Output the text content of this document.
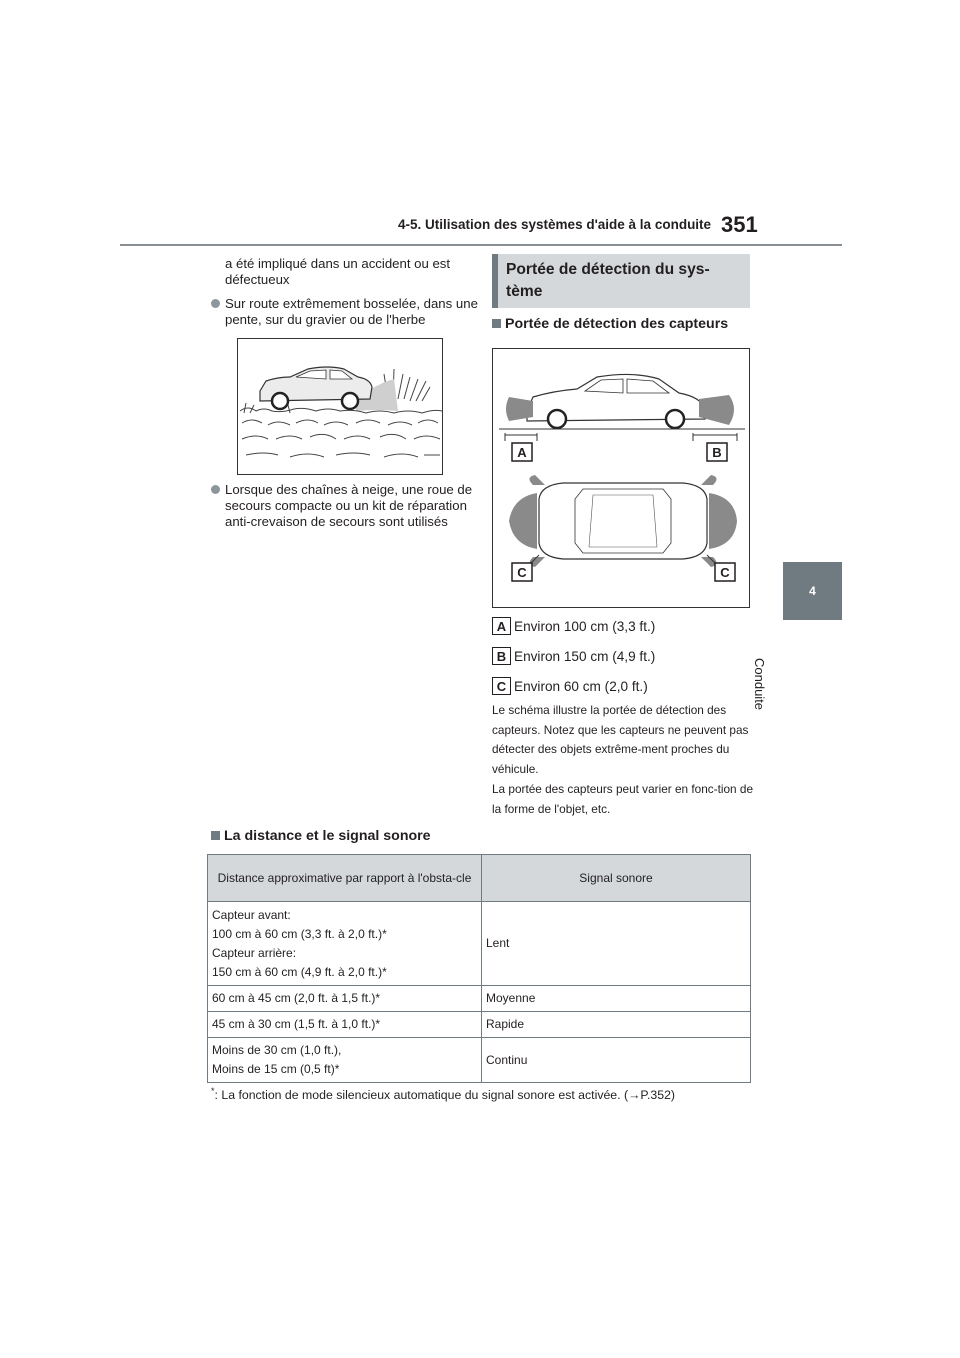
4-5. Utilisation des systèmes d'aide à la conduite 351
4
Conduite
a été impliqué dans un accident ou est défectueux
Sur route extrêmement bosselée, dans une pente, sur du gravier ou de l'herbe
Lorsque des chaînes à neige, une roue de secours compacte ou un kit de réparation anti-crevaison de secours sont utilisés
Portée de détection du sys-tème
Portée de détection des capteurs
A	B
C	C
A Environ 100 cm (3,3 ft.)
B Environ 150 cm (4,9 ft.)
C Environ 60 cm (2,0 ft.)
Le schéma illustre la portée de détection des capteurs. Notez que les capteurs ne peuvent pas détecter des objets extrême-ment proches du véhicule.
La portée des capteurs peut varier en fonc-tion de la forme de l'objet, etc.
La distance et le signal sonore
Distance approximative par rapport à l'obsta-cle	Signal sonore

Capteur avant:
100 cm à 60 cm (3,3 ft. à 2,0 ft.)*
Capteur arrière:
150 cm à 60 cm (4,9 ft. à 2,0 ft.)*	Lent
60 cm à 45 cm (2,0 ft. à 1,5 ft.)*	Moyenne
45 cm à 30 cm (1,5 ft. à 1,0 ft.)*	Rapide

Moins de 30 cm (1,0 ft.),
Moins de 15 cm (0,5 ft)*	Continu
*: La fonction de mode silencieux automatique du signal sonore est activée. (→P.352)
